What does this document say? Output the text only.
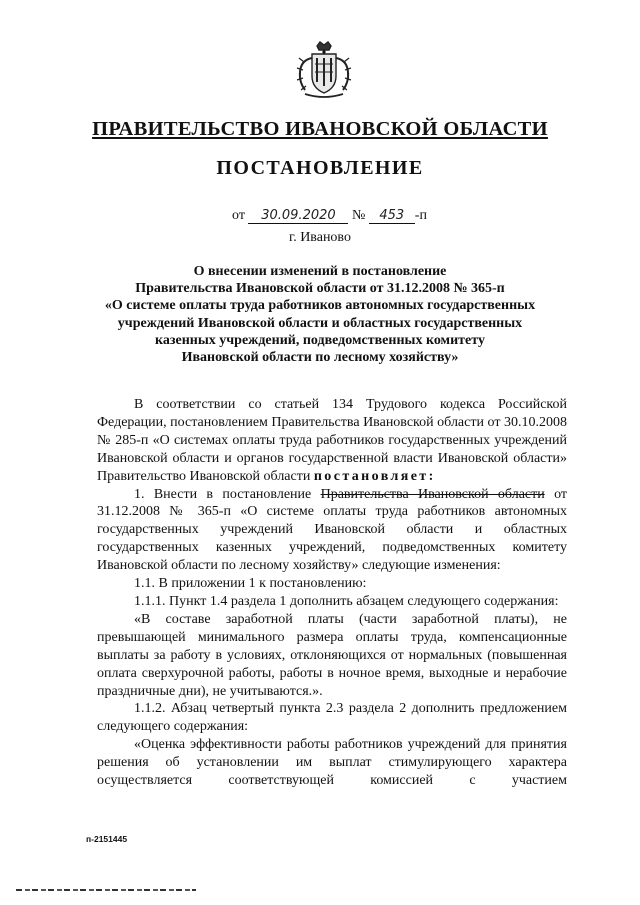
ПРАВИТЕЛЬСТВО ИВАНОВСКОЙ ОБЛАСТИ
ПОСТАНОВЛЕНИЕ
от 30.09.2020 № 453 -п
г. Иваново
О внесении изменений в постановление
Правительства Ивановской области от 31.12.2008 № 365-п
«О системе оплаты труда работников автономных государственных
учреждений Ивановской области и областных государственных
казенных учреждений, подведомственных комитету
Ивановской области по лесному хозяйству»

В соответствии со статьей 134 Трудового кодекса Российской Федерации, постановлением Правительства Ивановской области от 30.10.2008 № 285-п «О системах оплаты труда работников государственных учреждений Ивановской области и органов государственной власти Ивановской области» Правительство Ивановской области постановляет:

1. Внести в постановление Правительства Ивановской области от 31.12.2008 № 365-п «О системе оплаты труда работников автономных государственных учреждений Ивановской области и областных государственных казенных учреждений, подведомственных комитету Ивановской области по лесному хозяйству» следующие изменения:

1.1. В приложении 1 к постановлению:

1.1.1. Пункт 1.4 раздела 1 дополнить абзацем следующего содержания:

«В составе заработной платы (части заработной платы), не превышающей минимального размера оплаты труда, компенсационные выплаты за работу в условиях, отклоняющихся от нормальных (повышенная оплата сверхурочной работы, работы в ночное время, выходные и нерабочие праздничные дни), не учитываются.».

1.1.2. Абзац четвертый пункта 2.3 раздела 2 дополнить предложением следующего содержания:

«Оценка эффективности работы работников учреждений для принятия решения об установлении им выплат стимулирующего характера осуществляется соответствующей комиссией с участием

п-2151445
